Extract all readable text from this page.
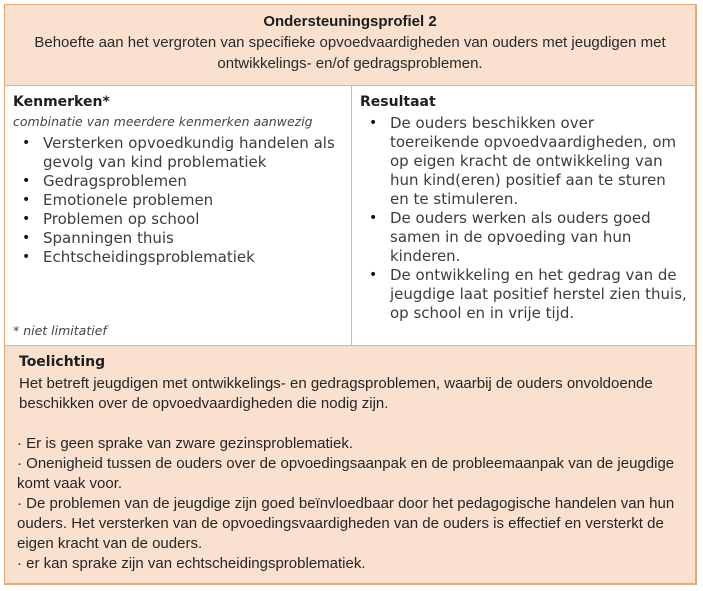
Ondersteuningsprofiel 2
Behoefte aan het vergroten van specifieke opvoedvaardigheden van ouders met jeugdigen met ontwikkelings- en/of gedragsproblemen.
Kenmerken*
combinatie van meerdere kenmerken aanwezig
• Versterken opvoedkundig handelen als gevolg van kind problematiek
• Gedragsproblemen
• Emotionele problemen
• Problemen op school
• Spanningen thuis
• Echtscheidingsproblematiek
* niet limitatief
Resultaat
• De ouders beschikken over toereikende opvoedvaardigheden, om op eigen kracht de ontwikkeling van hun kind(eren) positief aan te sturen en te stimuleren.
• De ouders werken als ouders goed samen in de opvoeding van hun kinderen.
• De ontwikkeling en het gedrag van de jeugdige laat positief herstel zien thuis, op school en in vrije tijd.
Toelichting

Het betreft jeugdigen met ontwikkelings- en gedragsproblemen, waarbij de ouders onvoldoende beschikken over de opvoedvaardigheden die nodig zijn.

· Er is geen sprake van zware gezinsproblematiek.

· Onenigheid tussen de ouders over de opvoedingsaanpak en de probleemaanpak van de jeugdige komt vaak voor.

· De problemen van de jeugdige zijn goed beïnvloedbaar door het pedagogische handelen van hun ouders. Het versterken van de opvoedingsvaardigheden van de ouders is effectief en versterkt de eigen kracht van de ouders.

· er kan sprake zijn van echtscheidingsproblematiek.
